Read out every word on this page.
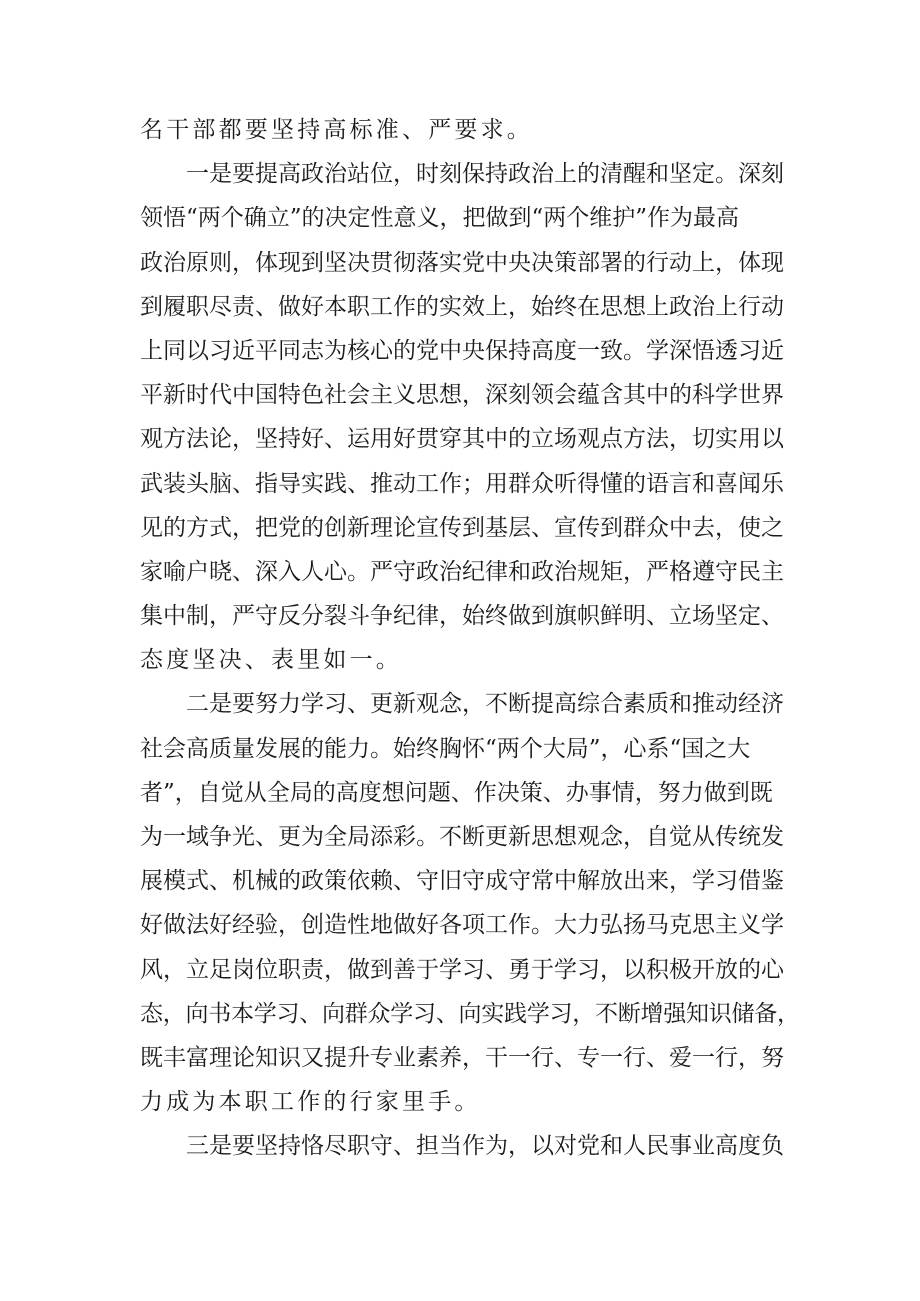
名干部都要坚持高标准、严要求。
一是要提高政治站位，时刻保持政治上的清醒和坚定。深刻
领悟“两个确立”的决定性意义，把做到“两个维护”作为最高
政治原则，体现到坚决贯彻落实党中央决策部署的行动上，体现
到履职尽责、做好本职工作的实效上，始终在思想上政治上行动
上同以习近平同志为核心的党中央保持高度一致。学深悟透习近
平新时代中国特色社会主义思想，深刻领会蕴含其中的科学世界
观方法论，坚持好、运用好贯穿其中的立场观点方法，切实用以
武装头脑、指导实践、推动工作；用群众听得懂的语言和喜闻乐
见的方式，把党的创新理论宣传到基层、宣传到群众中去，使之
家喻户晓、深入人心。严守政治纪律和政治规矩，严格遵守民主
集中制，严守反分裂斗争纪律，始终做到旗帜鲜明、立场坚定、
态度坚决、表里如一。
二是要努力学习、更新观念，不断提高综合素质和推动经济
社会高质量发展的能力。始终胸怀“两个大局”，心系“国之大
者”，自觉从全局的高度想问题、作决策、办事情，努力做到既
为一域争光、更为全局添彩。不断更新思想观念，自觉从传统发
展模式、机械的政策依赖、守旧守成守常中解放出来，学习借鉴
好做法好经验，创造性地做好各项工作。大力弘扬马克思主义学
风，立足岗位职责，做到善于学习、勇于学习，以积极开放的心
态，向书本学习、向群众学习、向实践学习，不断增强知识储备，
既丰富理论知识又提升专业素养，干一行、专一行、爱一行，努
力成为本职工作的行家里手。
三是要坚持恪尽职守、担当作为，以对党和人民事业高度负
